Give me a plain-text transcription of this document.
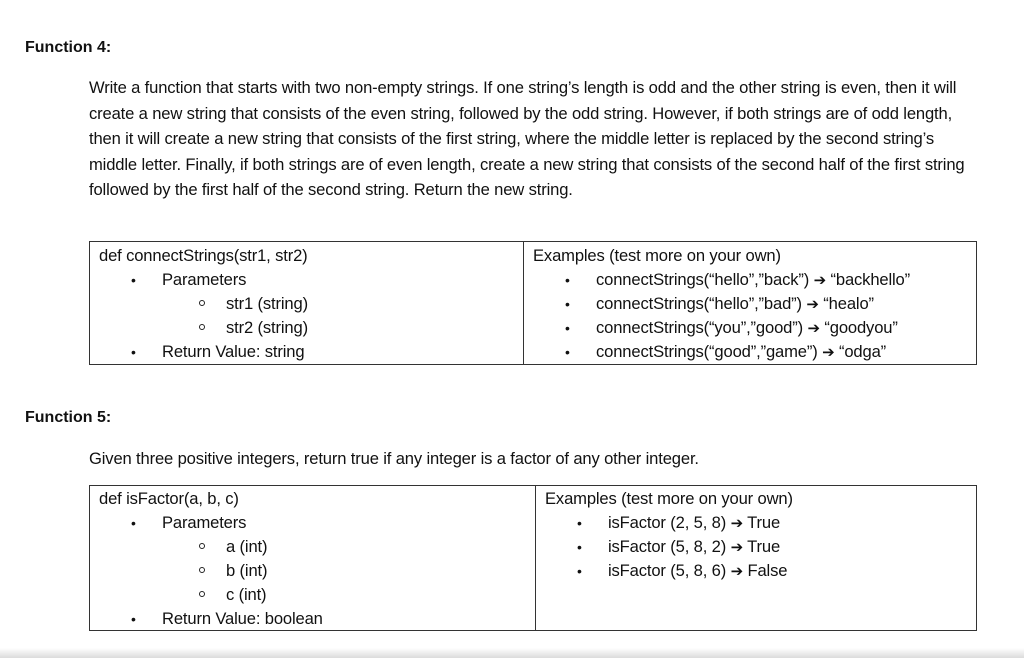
Function 4:
Write a function that starts with two non-empty strings. If one string’s length is odd and the other string is even, then it will create a new string that consists of the even string, followed by the odd string. However, if both strings are of odd length, then it will create a new string that consists of the first string, where the middle letter is replaced by the second string’s middle letter. Finally, if both strings are of even length, create a new string that consists of the second half of the first string followed by the first half of the second string. Return the new string.
def connectStrings(str1, str2)
• Parameters
str1 (string)
str2 (string)
• Return Value: string
Examples (test more on your own)
• connectStrings(“hello”,”back”) ➔ “backhello”
• connectStrings(“hello”,”bad”) ➔ “healo”
• connectStrings(“you”,”good”) ➔ “goodyou”
• connectStrings(“good”,”game”) ➔ “odga”
Function 5:
Given three positive integers, return true if any integer is a factor of any other integer.
def isFactor(a, b, c)
• Parameters
a (int)
b (int)
c (int)
• Return Value: boolean
Examples (test more on your own)
• isFactor (2, 5, 8) ➔ True
• isFactor (5, 8, 2) ➔ True
• isFactor (5, 8, 6) ➔ False
